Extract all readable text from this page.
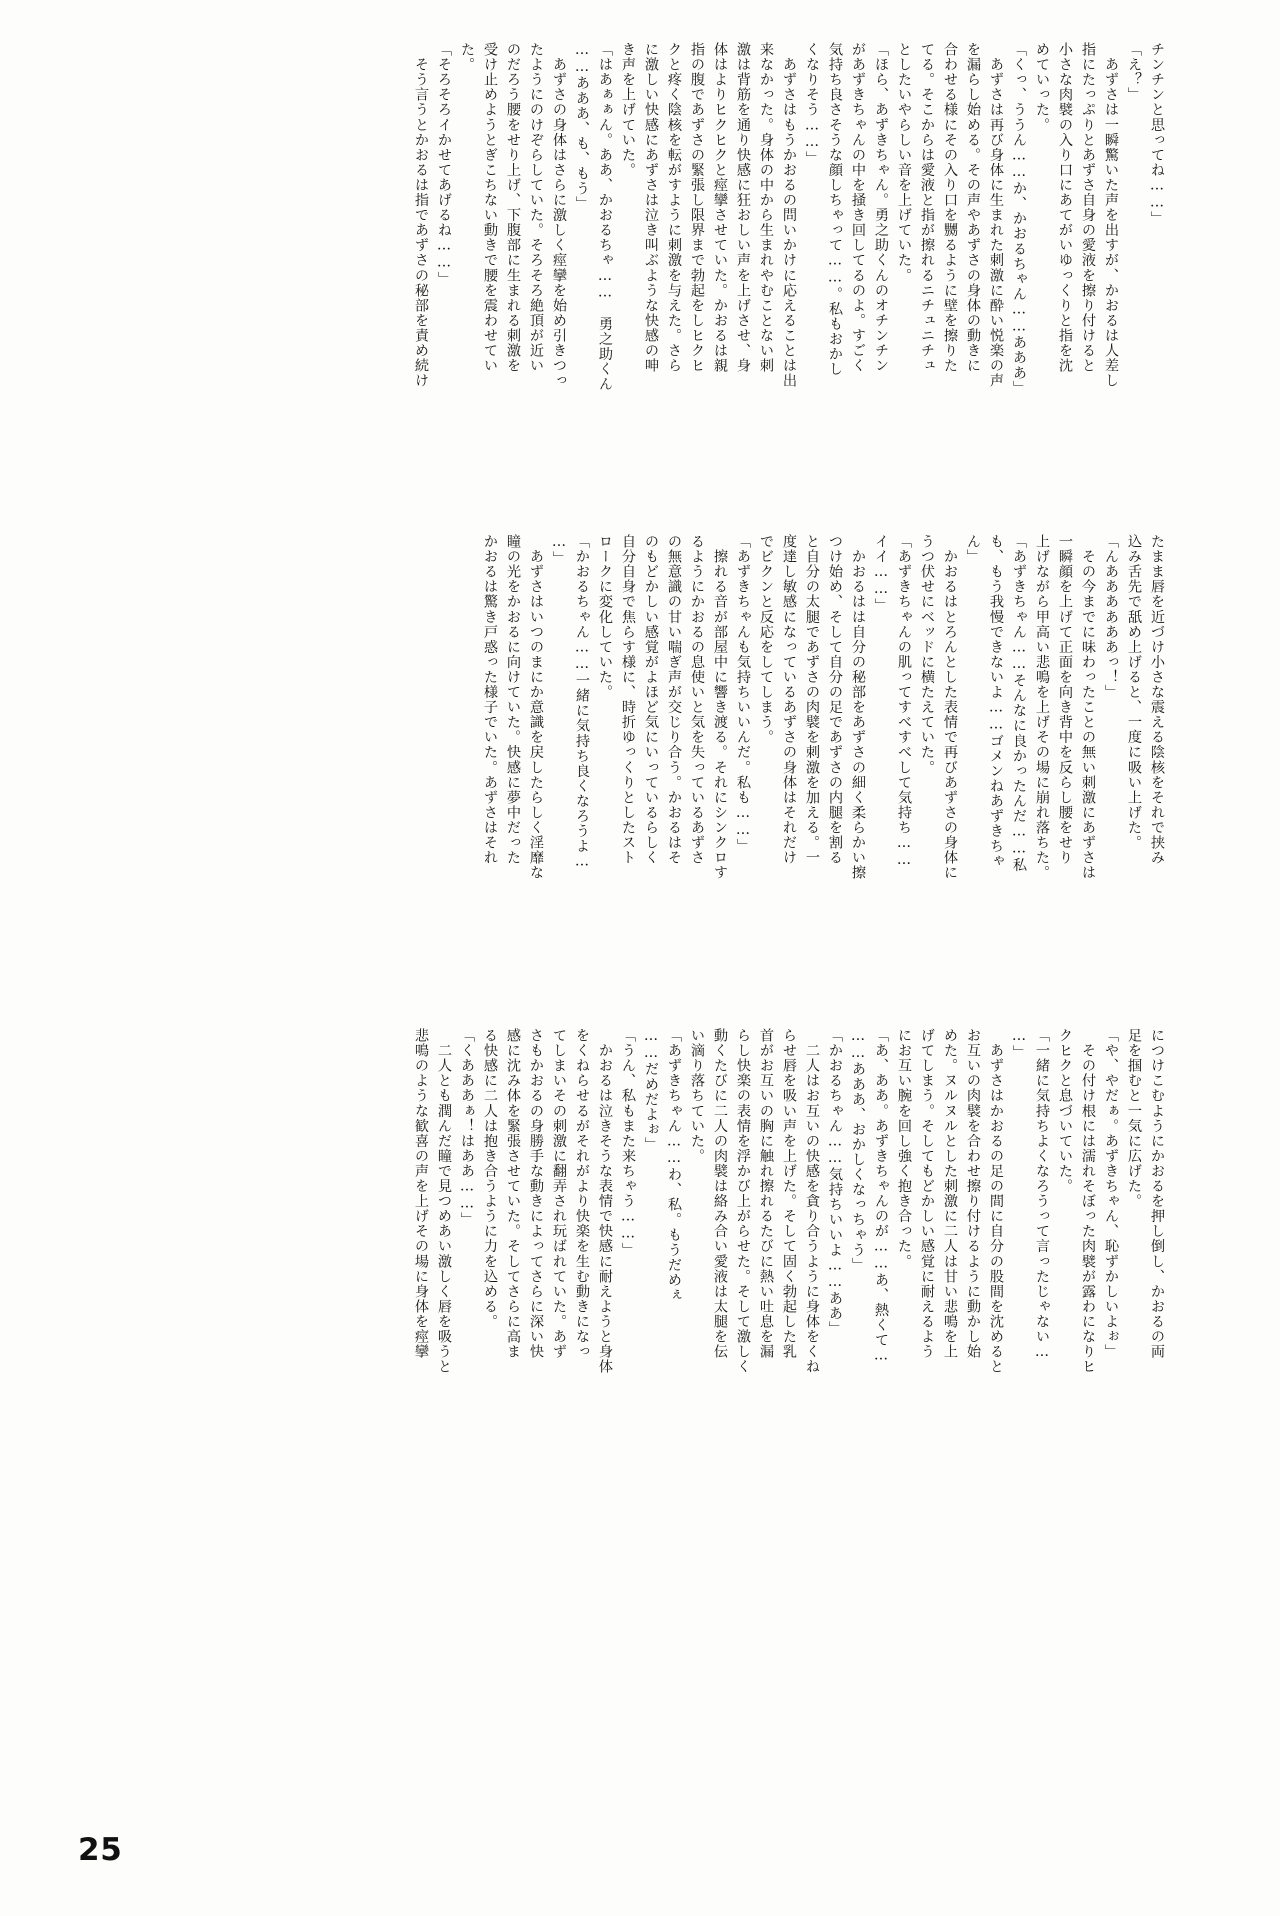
チンチンと思ってね……」

「え？」

　あずさは一瞬驚いた声を出すが、かおるは人差し

指にたっぷりとあずさ自身の愛液を擦り付けると

小さな肉襞の入り口にあてがいゆっくりと指を沈

めていった。

「くっ、ううん……か、かおるちゃん……あああ」

　あずさは再び身体に生まれた刺激に酔い悦楽の声

を漏らし始める。その声やあずさの身体の動きに

合わせる様にその入り口を嬲るように壁を擦りた

てる。そこからは愛液と指が擦れるニチュニチュ

としたいやらしい音を上げていた。

「ほら、あずきちゃん。勇之助くんのオチンチン

があずきちゃんの中を掻き回してるのよ。すごく

気持ち良さそうな顔しちゃって……。私もおかし

くなりそう……」

　あずさはもうかおるの問いかけに応えることは出

来なかった。身体の中から生まれやむことない刺

激は背筋を通り快感に狂おしい声を上げさせ、身

体はよりヒクヒクと痙攣させていた。かおるは親

指の腹であずさの緊張し限界まで勃起をしヒクヒ

クと疼く陰核を転がすように刺激を与えた。さら

に激しい快感にあずさは泣き叫ぶような快感の呻

き声を上げていた。

「はあぁぁん。ああ、かおるちゃ……　勇之助くん

……あああ、も、もう」

　あずさの身体はさらに激しく痙攣を始め引きつっ

たようにのけぞらしていた。そろそろ絶頂が近い

のだろう腰をせり上げ、下腹部に生まれる刺激を

受け止めようとぎこちない動きで腰を震わせてい

た。

「そろそろイかせてあげるね……」

　そう言うとかおるは指であずさの秘部を責め続け

たまま唇を近づけ小さな震える陰核をそれで挟み

込み舌先で舐め上げると、一度に吸い上げた。

「んああああああっ！」

　その今までに味わったことの無い刺激にあずさは

一瞬顔を上げて正面を向き背中を反らし腰をせり

上げながら甲高い悲鳴を上げその場に崩れ落ちた。

「あずきちゃん……そんなに良かったんだ……私

も、もう我慢できないよ……ゴメンねあずきちゃ

ん」

　かおるはとろんとした表情で再びあずさの身体に

うつ伏せにベッドに横たえていた。

「あずきちゃんの肌ってすべすべして気持ち……

イイ……」

　かおるはは自分の秘部をあずさの細く柔らかい擦

つけ始め、そして自分の足であずさの内腿を割る

と自分の太腿であずさの肉襞を刺激を加える。一

度達し敏感になっているあずさの身体はそれだけ

でビクンと反応をしてしまう。

「あずきちゃんも気持ちいいんだ。私も……」

　擦れる音が部屋中に響き渡る。それにシンクロす

るようにかおるの息使いと気を失っているあずさ

の無意識の甘い喘ぎ声が交じり合う。かおるはそ

のもどかしい感覚がよほど気にいっているらしく

自分自身で焦らす様に、時折ゆっくりとしたスト

ロークに変化していた。

「かおるちゃん……一緒に気持ち良くなろうよ…

…」

　あずさはいつのまにか意識を戻したらしく淫靡な

瞳の光をかおるに向けていた。快感に夢中だった

かおるは驚き戸惑った様子でいた。あずさはそれ

につけこむようにかおるを押し倒し、かおるの両

足を掴むと一気に広げた。

「や、やだぁ。あずきちゃん、恥ずかしいよぉ」

　その付け根には濡れそぼった肉襞が露わになりヒ

クヒクと息づいていた。

「一緒に気持ちよくなろうって言ったじゃない…

…」

　あずさはかおるの足の間に自分の股間を沈めると

お互いの肉襞を合わせ擦り付けるように動かし始

めた。ヌルヌルとした刺激に二人は甘い悲鳴を上

げてしまう。そしてもどかしい感覚に耐えるよう

にお互い腕を回し強く抱き合った。

「あ、ああ。あずきちゃんのが……あ、熱くて…

……あああ、おかしくなっちゃう」

「かおるちゃん……気持ちいいよ……ああ」

　二人はお互いの快感を貪り合うように身体をくね

らせ唇を吸い声を上げた。そして固く勃起した乳

首がお互いの胸に触れ擦れるたびに熱い吐息を漏

らし快楽の表情を浮かび上がらせた。そして激しく

動くたびに二人の肉襞は絡み合い愛液は太腿を伝

い滴り落ちていた。

「あずきちゃん……わ、私。もうだめぇ

……だめだよぉ」

「うん、私もまた来ちゃう……」

　かおるは泣きそうな表情で快感に耐えようと身体

をくねらせるがそれがより快楽を生む動きになっ

てしまいその刺激に翻弄され玩ばれていた。あず

さもかおるの身勝手な動きによってさらに深い快

感に沈み体を緊張させていた。そしてさらに高ま

る快感に二人は抱き合うように力を込める。

「くあああぁ！はああ……」

　二人とも潤んだ瞳で見つめあい激しく唇を吸うと

悲鳴のような歓喜の声を上げその場に身体を痙攣

25
